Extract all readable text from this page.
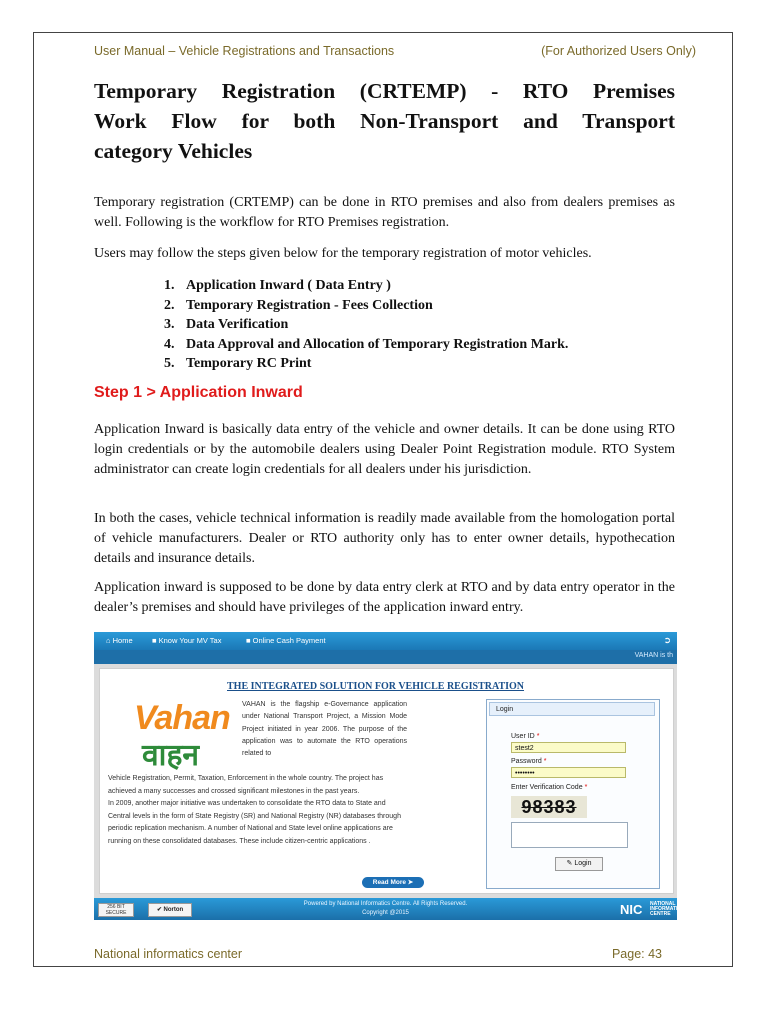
User Manual – Vehicle Registrations and Transactions	(For Authorized Users Only)
Temporary Registration (CRTEMP) - RTO Premises
Work Flow for both Non-Transport and Transport
category Vehicles
Temporary registration (CRTEMP) can be done in RTO premises and also from dealers premises as well. Following is the workflow for RTO Premises registration.
Users may follow the steps given below for the temporary registration of motor vehicles.
1. Application Inward ( Data Entry )
2. Temporary Registration - Fees Collection
3. Data Verification
4. Data Approval and Allocation of Temporary Registration Mark.
5. Temporary RC Print
Step 1 > Application Inward
Application Inward is basically data entry of the vehicle and owner details. It can be done using RTO login credentials or by the automobile dealers using Dealer Point Registration module. RTO System administrator can create login credentials for all dealers under his jurisdiction.
In both the cases, vehicle technical information is readily made available from the homologation portal of vehicle manufacturers. Dealer or RTO authority only has to enter owner details, hypothecation details and insurance details.
Application inward is supposed to be done by data entry clerk at RTO and by data entry operator in the dealer’s premises and should have privileges of the application inward entry.
⌂ Home	■ Know Your MV Tax	■ Online Cash Payment	➲
VAHAN is th
THE INTEGRATED SOLUTION FOR VEHICLE REGISTRATION
Vahan
वाहन
VAHAN is the flagship e-Governance application under National Transport Project, a Mission Mode Project initiated in year 2006. The purpose of the application was to automate the RTO operations related to
Vehicle Registration, Permit, Taxation, Enforcement in the whole country. The project has achieved a many successes and crossed significant milestones in the past years.
In 2009, another major initiative was undertaken to consolidate the RTO data to State and Central levels in the form of State Registry (SR) and National Registry (NR) databases through periodic replication mechanism. A number of National and State level online applications are running on these consolidated databases. These include citizen-centric applications .
Read More ➤
Login
User ID *
stest2
Password *
••••••••
Enter Verification Code *
98383
✎ Login
256 BIT SECURE	✔ Norton
Powered by National Informatics Centre. All Rights Reserved.
Copyright @2015	NIC NATIONAL INFORMATICS CENTRE
National informatics center	Page: 43
